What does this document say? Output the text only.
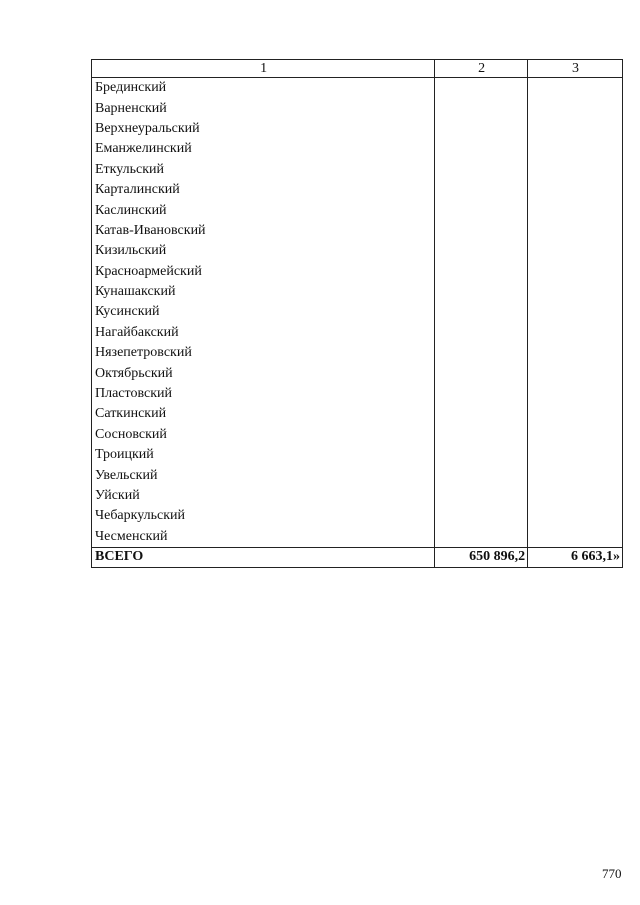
1	2	3
Брединский		
Варненский		
Верхнеуральский		
Еманжелинский		
Еткульский		
Карталинский		
Каслинский		
Катав-Ивановский		
Кизильский		
Красноармейский		
Кунашакский		
Кусинский		
Нагайбакский		
Нязепетровский		
Октябрьский		
Пластовский		
Саткинский		
Сосновский		
Троицкий		
Увельский		
Уйский		
Чебаркульский		
Чесменский		
ВСЕГО	650 896,2	6 663,1»
770
